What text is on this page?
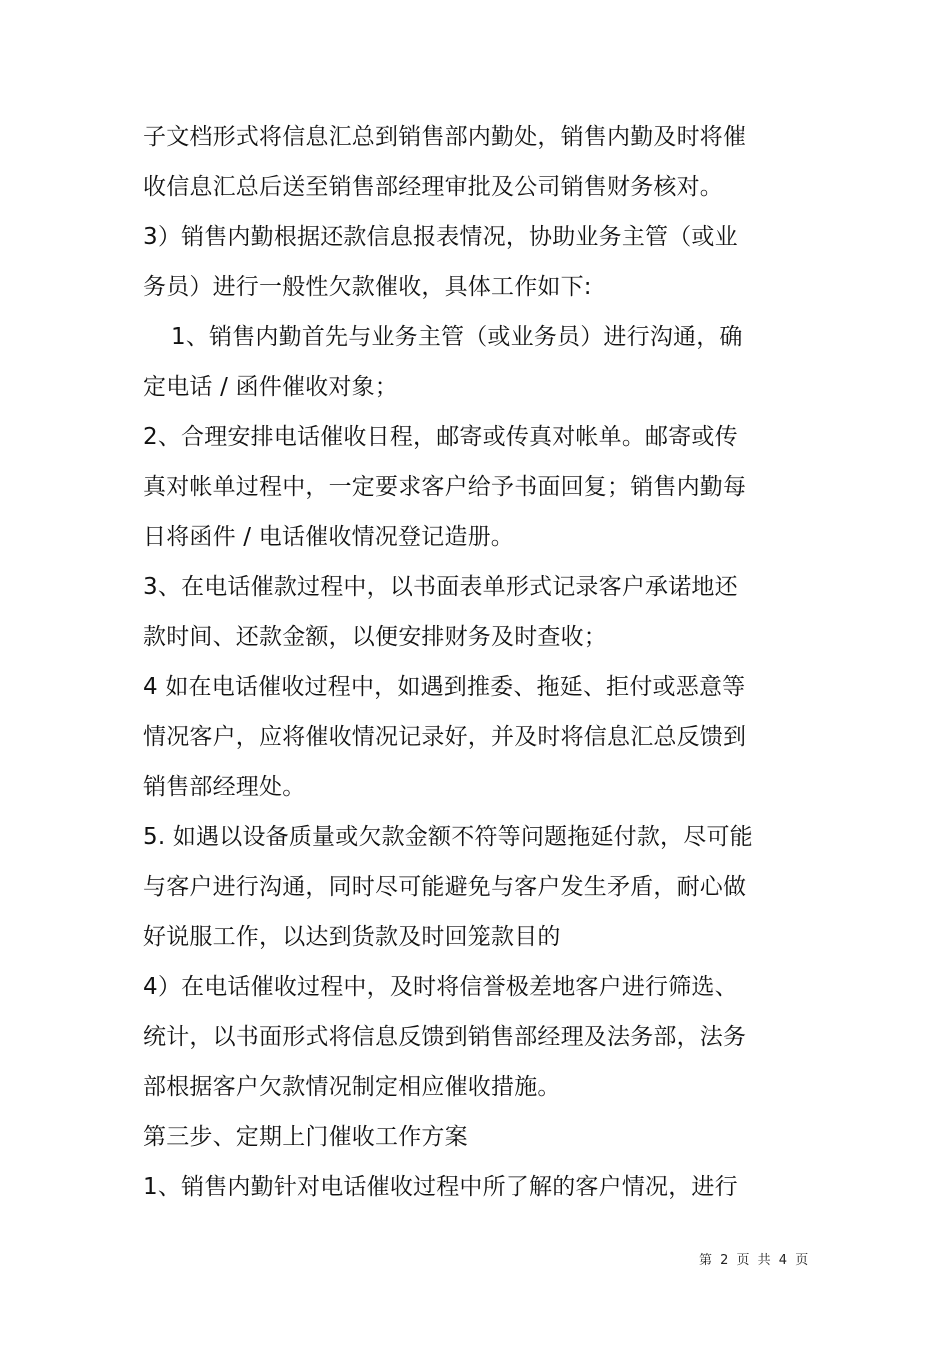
子文档形式将信息汇总到销售部内勤处，销售内勤及时将催
收信息汇总后送至销售部经理审批及公司销售财务核对。
3）销售内勤根据还款信息报表情况，协助业务主管（或业
务员）进行一般性欠款催收，具体工作如下:
1、销售内勤首先与业务主管（或业务员）进行沟通，确
定电话 / 函件催收对象；
2、合理安排电话催收日程，邮寄或传真对帐单。邮寄或传
真对帐单过程中，一定要求客户给予书面回复；销售内勤每
日将函件 / 电话催收情况登记造册。
3、在电话催款过程中，以书面表单形式记录客户承诺地还
款时间、还款金额，以便安排财务及时查收；
4 如在电话催收过程中，如遇到推委、拖延、拒付或恶意等
情况客户，应将催收情况记录好，并及时将信息汇总反馈到
销售部经理处。
5. 如遇以设备质量或欠款金额不符等问题拖延付款，尽可能
与客户进行沟通，同时尽可能避免与客户发生矛盾，耐心做
好说服工作，以达到货款及时回笼款目的
4）在电话催收过程中，及时将信誉极差地客户进行筛选、
统计，以书面形式将信息反馈到销售部经理及法务部，法务
部根据客户欠款情况制定相应催收措施。
第三步、定期上门催收工作方案
1、销售内勤针对电话催收过程中所了解的客户情况，进行
第 2 页 共 4 页
